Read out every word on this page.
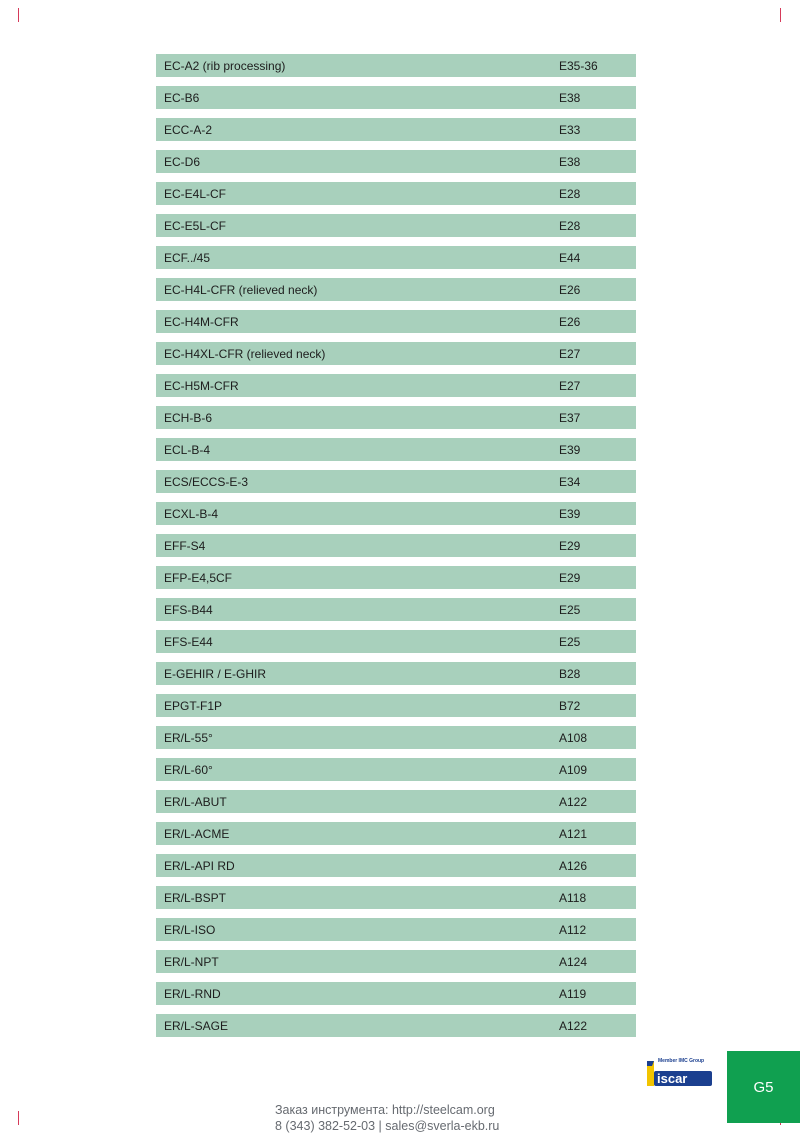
EC-A2 (rib processing)	E35-36
EC-B6	E38
ECC-A-2	E33
EC-D6	E38
EC-E4L-CF	E28
EC-E5L-CF	E28
ECF../45	E44
EC-H4L-CFR (relieved neck)	E26
EC-H4M-CFR	E26
EC-H4XL-CFR (relieved neck)	E27
EC-H5M-CFR	E27
ECH-B-6	E37
ECL-B-4	E39
ECS/ECCS-E-3	E34
ECXL-B-4	E39
EFF-S4	E29
EFP-E4,5CF	E29
EFS-B44	E25
EFS-E44	E25
E-GEHIR / E-GHIR	B28
EPGT-F1P	B72
ER/L-55°	A108
ER/L-60°	A109
ER/L-ABUT	A122
ER/L-ACME	A121
ER/L-API RD	A126
ER/L-BSPT	A118
ER/L-ISO	A112
ER/L-NPT	A124
ER/L-RND	A119
ER/L-SAGE	A122
Member IMC Group
iscar	G5
Заказ инструмента: http://steelcam.org
8 (343) 382-52-03 | sales@sverla-ekb.ru
